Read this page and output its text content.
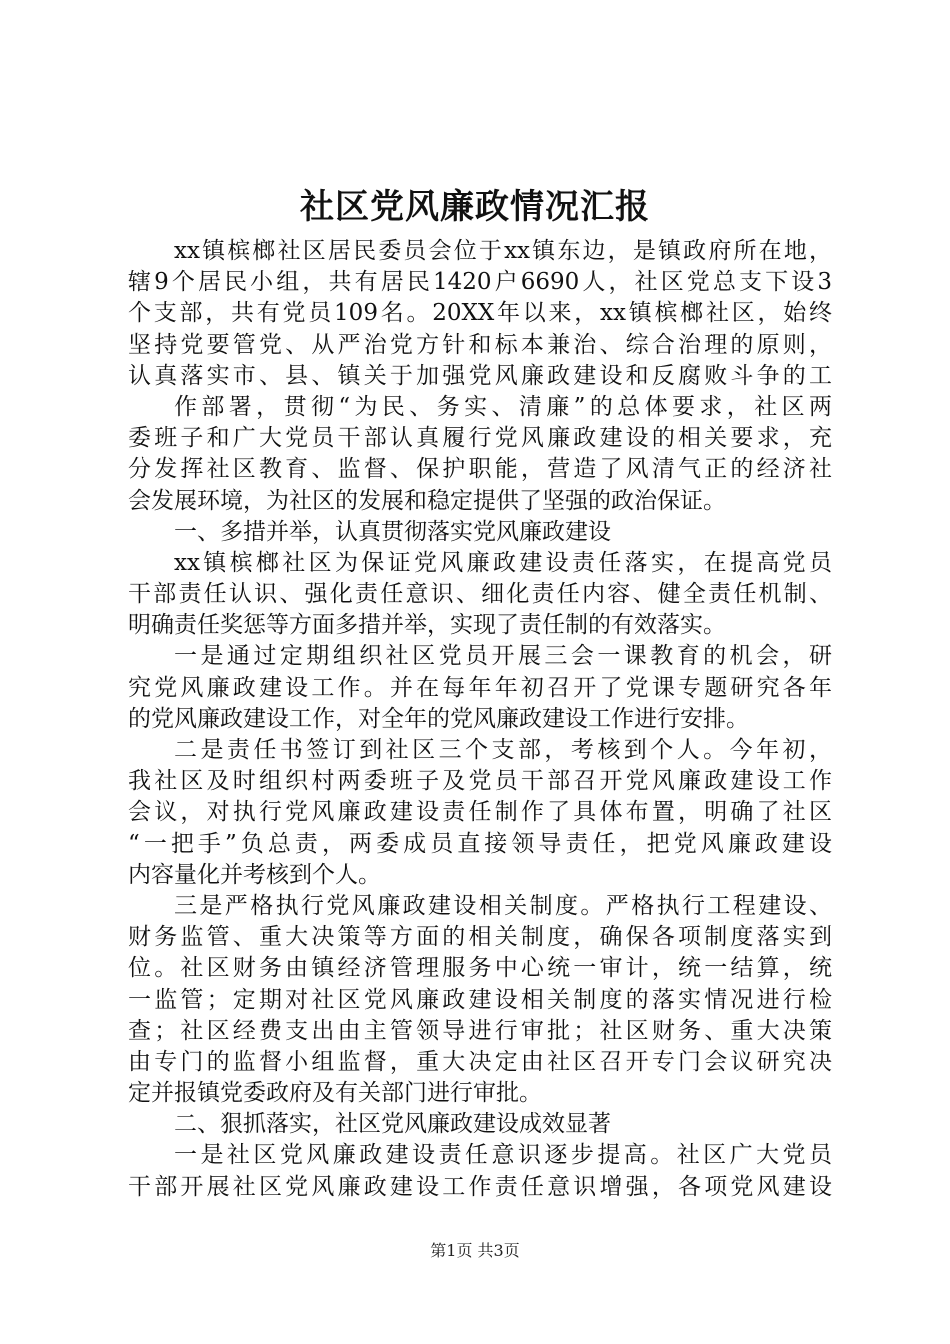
社区党风廉政情况汇报
xx镇槟榔社区居民委员会位于xx镇东边，是镇政府所在地，
辖9个居民小组，共有居民1420户6690人，社区党总支下设3
个支部，共有党员109名。20XX年以来，xx镇槟榔社区，始终
坚持党要管党、从严治党方针和标本兼治、综合治理的原则，
认真落实市、县、镇关于加强党风廉政建设和反腐败斗争的工
作部署，贯彻“为民、务实、清廉”的总体要求，社区两
委班子和广大党员干部认真履行党风廉政建设的相关要求，充
分发挥社区教育、监督、保护职能，营造了风清气正的经济社
会发展环境，为社区的发展和稳定提供了坚强的政治保证。
一、多措并举，认真贯彻落实党风廉政建设
xx镇槟榔社区为保证党风廉政建设责任落实，在提高党员
干部责任认识、强化责任意识、细化责任内容、健全责任机制、
明确责任奖惩等方面多措并举，实现了责任制的有效落实。
一是通过定期组织社区党员开展三会一课教育的机会，研
究党风廉政建设工作。并在每年年初召开了党课专题研究各年
的党风廉政建设工作，对全年的党风廉政建设工作进行安排。
二是责任书签订到社区三个支部，考核到个人。今年初，
我社区及时组织村两委班子及党员干部召开党风廉政建设工作
会议，对执行党风廉政建设责任制作了具体布置，明确了社区
“一把手”负总责，两委成员直接领导责任，把党风廉政建设
内容量化并考核到个人。
三是严格执行党风廉政建设相关制度。严格执行工程建设、
财务监管、重大决策等方面的相关制度，确保各项制度落实到
位。社区财务由镇经济管理服务中心统一审计，统一结算，统
一监管；定期对社区党风廉政建设相关制度的落实情况进行检
查；社区经费支出由主管领导进行审批；社区财务、重大决策
由专门的监督小组监督，重大决定由社区召开专门会议研究决
定并报镇党委政府及有关部门进行审批。
二、狠抓落实，社区党风廉政建设成效显著
一是社区党风廉政建设责任意识逐步提高。社区广大党员
干部开展社区党风廉政建设工作责任意识增强，各项党风建设
第1页 共3页
